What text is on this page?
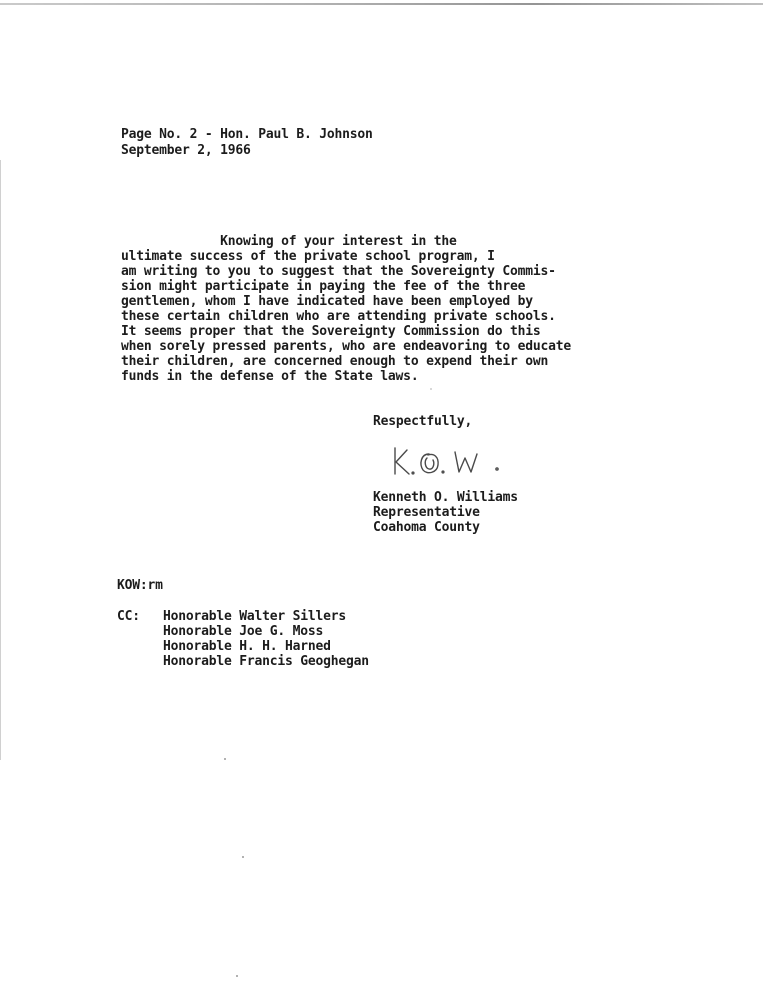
Page No. 2 - Hon. Paul B. Johnson
September 2, 1966
Knowing of your interest in the
ultimate success of the private school program, I
am writing to you to suggest that the Sovereignty Commis-
sion might participate in paying the fee of the three
gentlemen, whom I have indicated have been employed by
these certain children who are attending private schools.
It seems proper that the Sovereignty Commission do this
when sorely pressed parents, who are endeavoring to educate
their children, are concerned enough to expend their own
funds in the defense of the State laws.
Respectfully,
Kenneth O. Williams
Representative
Coahoma County
KOW:rm
CC: Honorable Walter Sillers
Honorable Joe G. Moss
Honorable H. H. Harned
Honorable Francis Geoghegan
